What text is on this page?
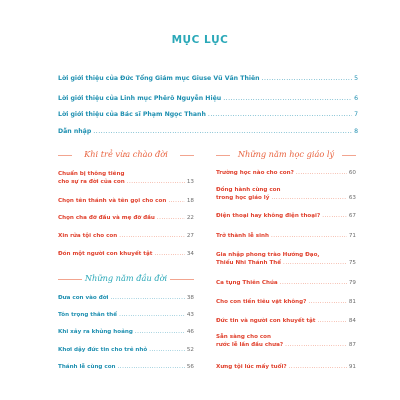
MỤC LỤC
Lời giới thiệu của Đức Tổng Giám mục Giuse Vũ Văn Thiên .....	5
Lời giới thiệu của Linh mục Phêrô Nguyễn Hiệu .....	6
Lời giới thiệu của Bác sĩ Phạm Ngọc Thanh .....	7
Dẫn nhập .....	8
Khi trẻ vừa chào đời
Chuẩn bị thông tiêng
cho sự ra đời của con .....	13
Chọn tên thánh và tên gọi cho con .....	18
Chọn cha đỡ đầu và mẹ đỡ đầu .....	22
Xin rửa tội cho con .....	27
Đón một người con khuyết tật .....	34
Những năm đầu đời
Đưa con vào đời .....	38
Tôn trọng thân thể .....	43
Khi xảy ra khủng hoảng .....	46
Khơi dậy đức tin cho trẻ nhỏ .....	52
Thánh lễ cùng con .....	56
Những năm học giáo lý
Trường học nào cho con? .....	60
Đồng hành cùng con
trong học giáo lý .....	63
Điện thoại hay không điện thoại? .....	67
Trở thành lễ sinh .....	71
Gia nhập phong trào Hướng Đạo,
Thiếu Nhi Thánh Thể .....	75
Ca tụng Thiên Chúa .....	79
Cho con tiền tiêu vặt không? .....	81
Đức tin và người con khuyết tật .....	84
Sẵn sàng cho con
rước lễ lần đầu chưa? .....	87
Xưng tội lúc mấy tuổi? .....	91
